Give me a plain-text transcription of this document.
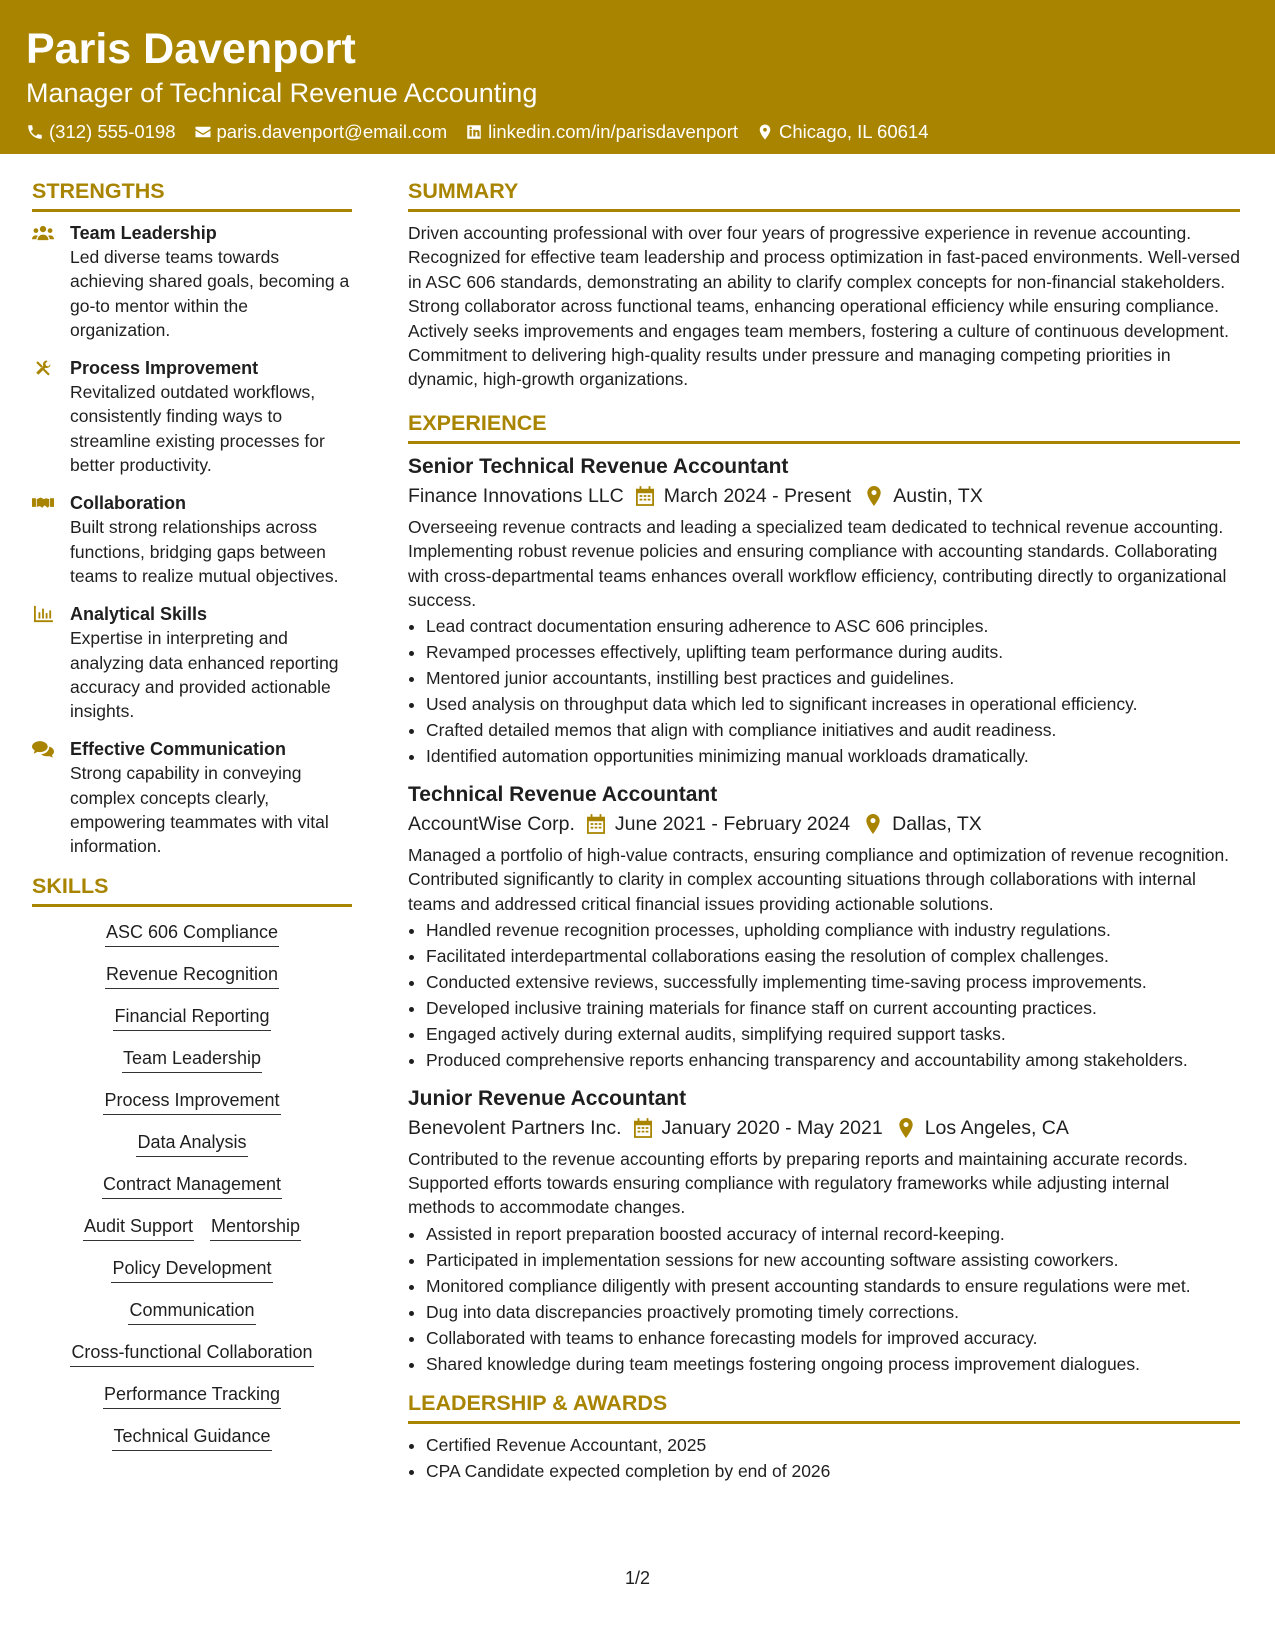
Paris Davenport
Manager of Technical Revenue Accounting
(312) 555-0198 paris.davenport@email.com linkedin.com/in/parisdavenport Chicago, IL 60614
STRENGTHS
Team Leadership
Led diverse teams towards achieving shared goals, becoming a go-to mentor within the organization.
Process Improvement
Revitalized outdated workflows, consistently finding ways to streamline existing processes for better productivity.
Collaboration
Built strong relationships across functions, bridging gaps between teams to realize mutual objectives.
Analytical Skills
Expertise in interpreting and analyzing data enhanced reporting accuracy and provided actionable insights.
Effective Communication
Strong capability in conveying complex concepts clearly, empowering teammates with vital information.
SKILLS
ASC 606 Compliance
Revenue Recognition
Financial Reporting
Team Leadership
Process Improvement
Data Analysis
Contract Management
Audit Support Mentorship
Policy Development
Communication
Cross-functional Collaboration
Performance Tracking
Technical Guidance
SUMMARY
Driven accounting professional with over four years of progressive experience in revenue accounting. Recognized for effective team leadership and process optimization in fast-paced environments. Well-versed in ASC 606 standards, demonstrating an ability to clarify complex concepts for non-financial stakeholders. Strong collaborator across functional teams, enhancing operational efficiency while ensuring compliance. Actively seeks improvements and engages team members, fostering a culture of continuous development. Commitment to delivering high-quality results under pressure and managing competing priorities in dynamic, high-growth organizations.
EXPERIENCE
Senior Technical Revenue Accountant
Finance Innovations LLC March 2024 - Present Austin, TX
Overseeing revenue contracts and leading a specialized team dedicated to technical revenue accounting. Implementing robust revenue policies and ensuring compliance with accounting standards. Collaborating with cross-departmental teams enhances overall workflow efficiency, contributing directly to organizational success.
• Lead contract documentation ensuring adherence to ASC 606 principles.
• Revamped processes effectively, uplifting team performance during audits.
• Mentored junior accountants, instilling best practices and guidelines.
• Used analysis on throughput data which led to significant increases in operational efficiency.
• Crafted detailed memos that align with compliance initiatives and audit readiness.
• Identified automation opportunities minimizing manual workloads dramatically.
Technical Revenue Accountant
AccountWise Corp. June 2021 - February 2024 Dallas, TX
Managed a portfolio of high-value contracts, ensuring compliance and optimization of revenue recognition. Contributed significantly to clarity in complex accounting situations through collaborations with internal teams and addressed critical financial issues providing actionable solutions.
• Handled revenue recognition processes, upholding compliance with industry regulations.
• Facilitated interdepartmental collaborations easing the resolution of complex challenges.
• Conducted extensive reviews, successfully implementing time-saving process improvements.
• Developed inclusive training materials for finance staff on current accounting practices.
• Engaged actively during external audits, simplifying required support tasks.
• Produced comprehensive reports enhancing transparency and accountability among stakeholders.
Junior Revenue Accountant
Benevolent Partners Inc. January 2020 - May 2021 Los Angeles, CA
Contributed to the revenue accounting efforts by preparing reports and maintaining accurate records. Supported efforts towards ensuring compliance with regulatory frameworks while adjusting internal methods to accommodate changes.
• Assisted in report preparation boosted accuracy of internal record-keeping.
• Participated in implementation sessions for new accounting software assisting coworkers.
• Monitored compliance diligently with present accounting standards to ensure regulations were met.
• Dug into data discrepancies proactively promoting timely corrections.
• Collaborated with teams to enhance forecasting models for improved accuracy.
• Shared knowledge during team meetings fostering ongoing process improvement dialogues.
LEADERSHIP & AWARDS
• Certified Revenue Accountant, 2025
• CPA Candidate expected completion by end of 2026
1/2
